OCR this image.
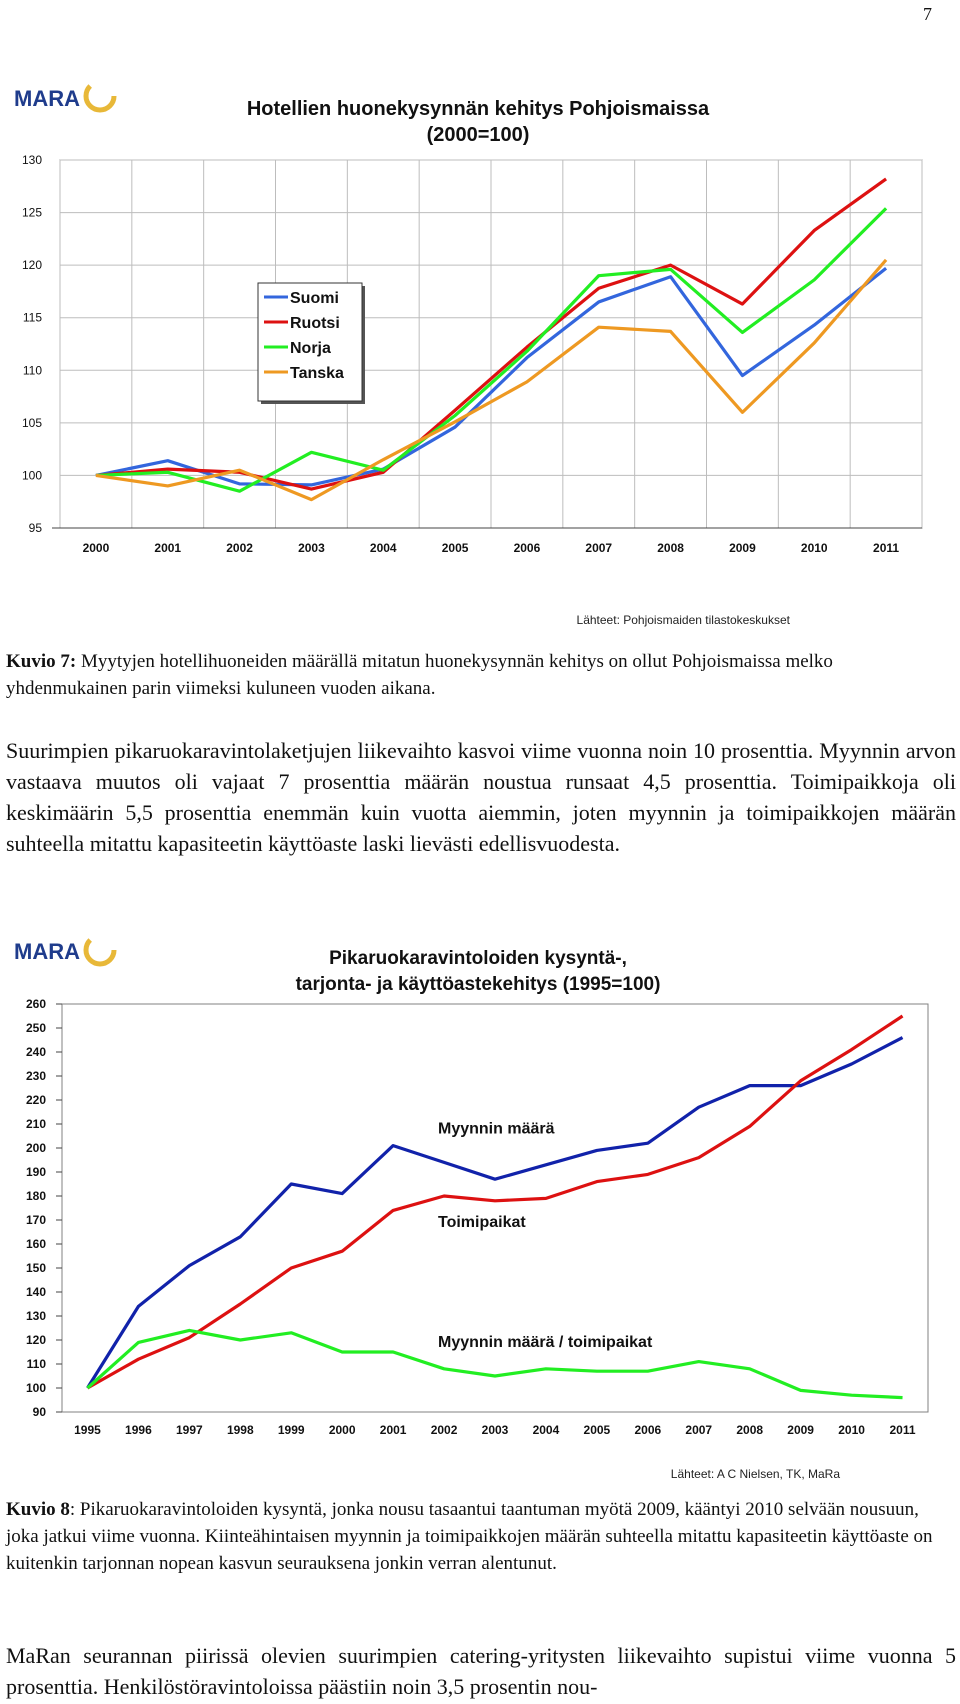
7
MARA	Hotellien huonekysynnän kehitys Pohjoismaissa
(2000=100)
95
100
105
110
115
120
125
130
2000	2001	2002	2003	2004	2005	2006	2007	2008	2009	2010	2011
Suomi
Ruotsi
Norja
Tanska
Lähteet: Pohjoismaiden tilastokeskukset
Kuvio 7: Myytyjen hotellihuoneiden määrällä mitatun huonekysynnän kehitys on ollut Pohjoismaissa melko yhdenmukainen parin viimeksi kuluneen vuoden aikana.
Suurimpien pikaruokaravintolaketjujen liikevaihto kasvoi viime vuonna noin 10 prosenttia. Myynnin arvon vastaava muutos oli vajaat 7 prosenttia määrän noustua runsaat 4,5 prosenttia. Toimipaikkoja oli keskimäärin 5,5 prosenttia enemmän kuin vuotta aiemmin, joten myynnin ja toimipaikkojen määrän suhteella mitattu kapasiteetin käyttöaste laski lievästi edellisvuodesta.
MARA	Pikaruokaravintoloiden kysyntä-,
tarjonta- ja käyttöastekehitys (1995=100)
90
100
110
120
130
140
150
160
170
180
190
200
210
220
230
240
250
260
1995 1996 1997 1998 1999 2000 2001 2002 2003 2004 2005 2006 2007 2008 2009 2010 2011
Myynnin määrä
Toimipaikat
Myynnin määrä / toimipaikat
Lähteet: A C Nielsen, TK, MaRa
Kuvio 8: Pikaruokaravintoloiden kysyntä, jonka nousu tasaantui taantuman myötä 2009, kääntyi 2010 selvään nousuun, joka jatkui viime vuonna. Kiinteähintaisen myynnin ja toimipaikkojen määrän suhteella mitattu kapasiteetin käyttöaste on kuitenkin tarjonnan nopean kasvun seurauksena jonkin verran alentunut.
MaRan seurannan piirissä olevien suurimpien catering-yritysten liikevaihto supistui viime vuonna 5 prosenttia. Henkilöstöravintoloissa päästiin noin 3,5 prosentin nou-
